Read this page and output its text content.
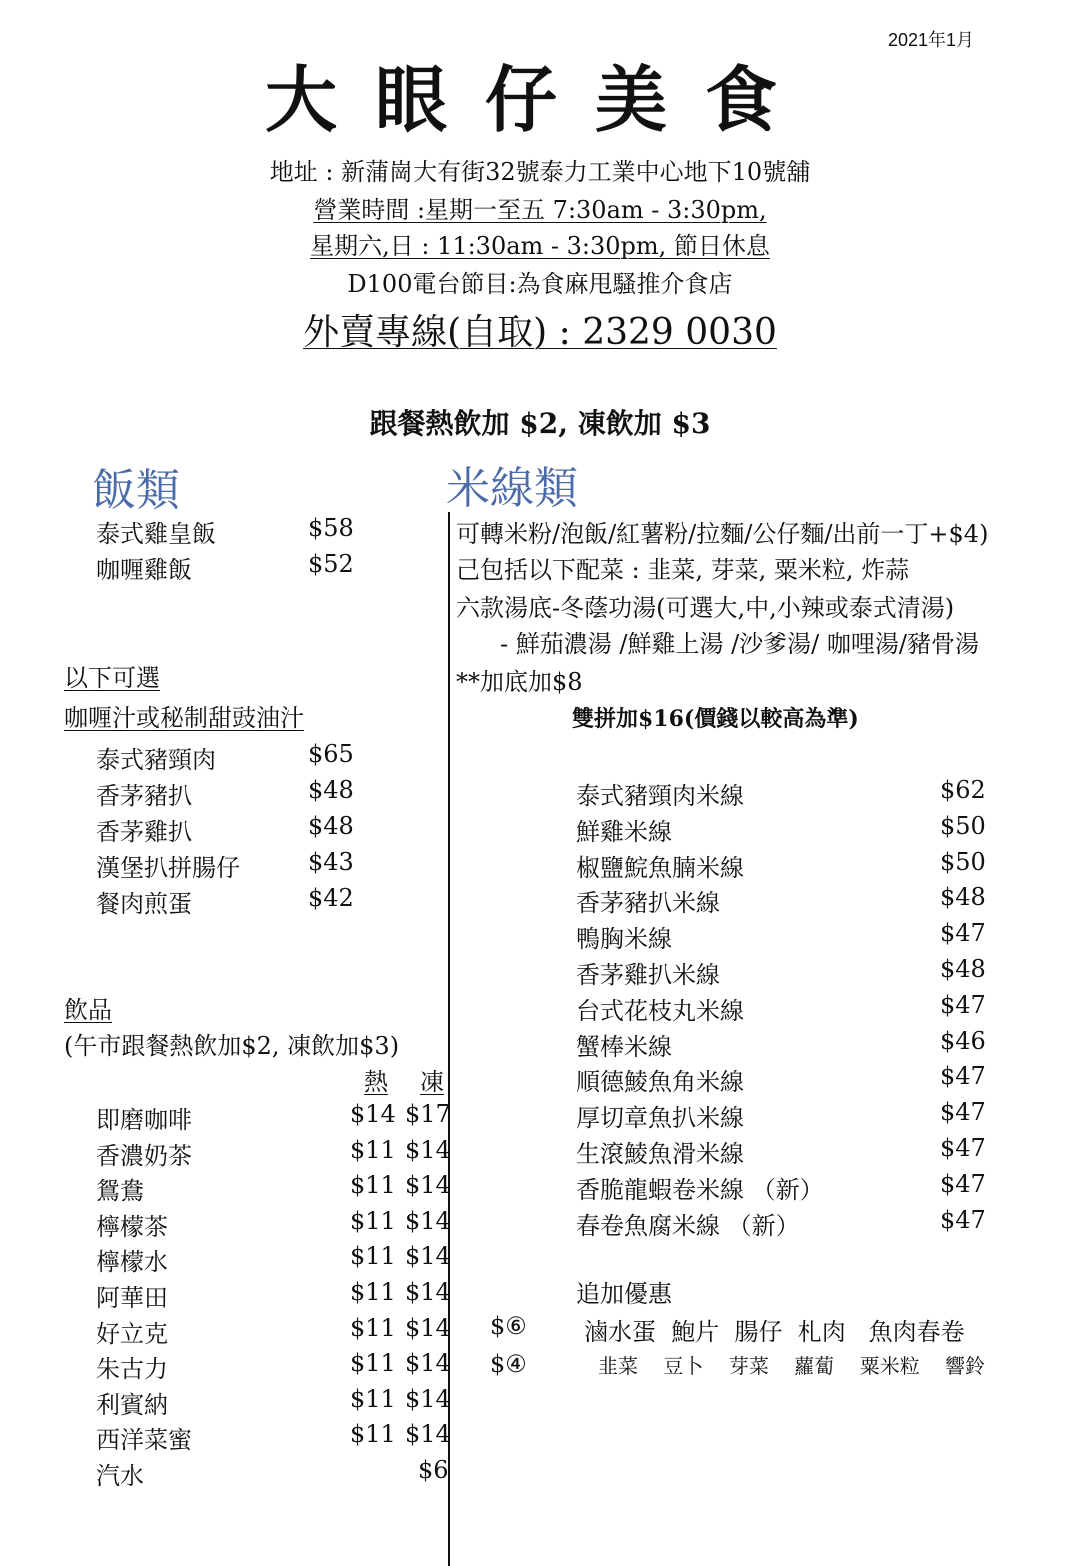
2021年1月
大眼仔美食
地址 : 新蒲崗大有街32號泰力工業中心地下10號舖
營業時間 :星期一至五 7:30am - 3:30pm,
星期六,日 : 11:30am - 3:30pm, 節日休息
D100電台節目:為食麻甩騷推介食店
外賣專線(自取) : 2329 0030
跟餐熱飲加 $2, 凍飲加 $3
飯類
泰式雞皇飯	$58
咖喱雞飯	$52
以下可選
咖喱汁或秘制甜豉油汁
泰式豬頸肉	$65
香茅豬扒	$48
香茅雞扒	$48
漢堡扒拼腸仔	$43
餐肉煎蛋	$42
飲品
(午市跟餐熱飲加$2, 凍飲加$3)
熱 凍
即磨咖啡	$14 $17
香濃奶茶	$11 $14
鴛鴦	$11 $14
檸檬茶	$11 $14
檸檬水	$11 $14
阿華田	$11 $14
好立克	$11 $14
朱古力	$11 $14
利賓納	$11 $14
西洋菜蜜	$11 $14
汽水	$6
米線類
可轉米粉/泡飯/紅薯粉/拉麵/公仔麵/出前一丁+$4)
己包括以下配菜 : 韭菜, 芽菜, 粟米粒, 炸蒜
六款湯底-冬蔭功湯(可選大,中,小辣或泰式清湯)
- 鮮茄濃湯 /鮮雞上湯 /沙爹湯/ 咖哩湯/豬骨湯
**加底加$8
雙拼加$16(價錢以較高為準)
泰式豬頸肉米線	$62
鮮雞米線	$50
椒鹽鯇魚腩米線	$50
香茅豬扒米線	$48
鴨胸米線	$47
香茅雞扒米線	$48
台式花枝丸米線	$47
蟹棒米線	$46
順德鯪魚角米線	$47
厚切章魚扒米線	$47
生滾鯪魚滑米線	$47
香脆龍蝦卷米線 （新）	$47
春卷魚腐米線 （新）	$47
追加優惠
$⑥ 滷水蛋  鮑片  腸仔  札肉   魚肉春卷
$④	韭菜    豆卜    芽菜    蘿蔔    粟米粒    響鈴
